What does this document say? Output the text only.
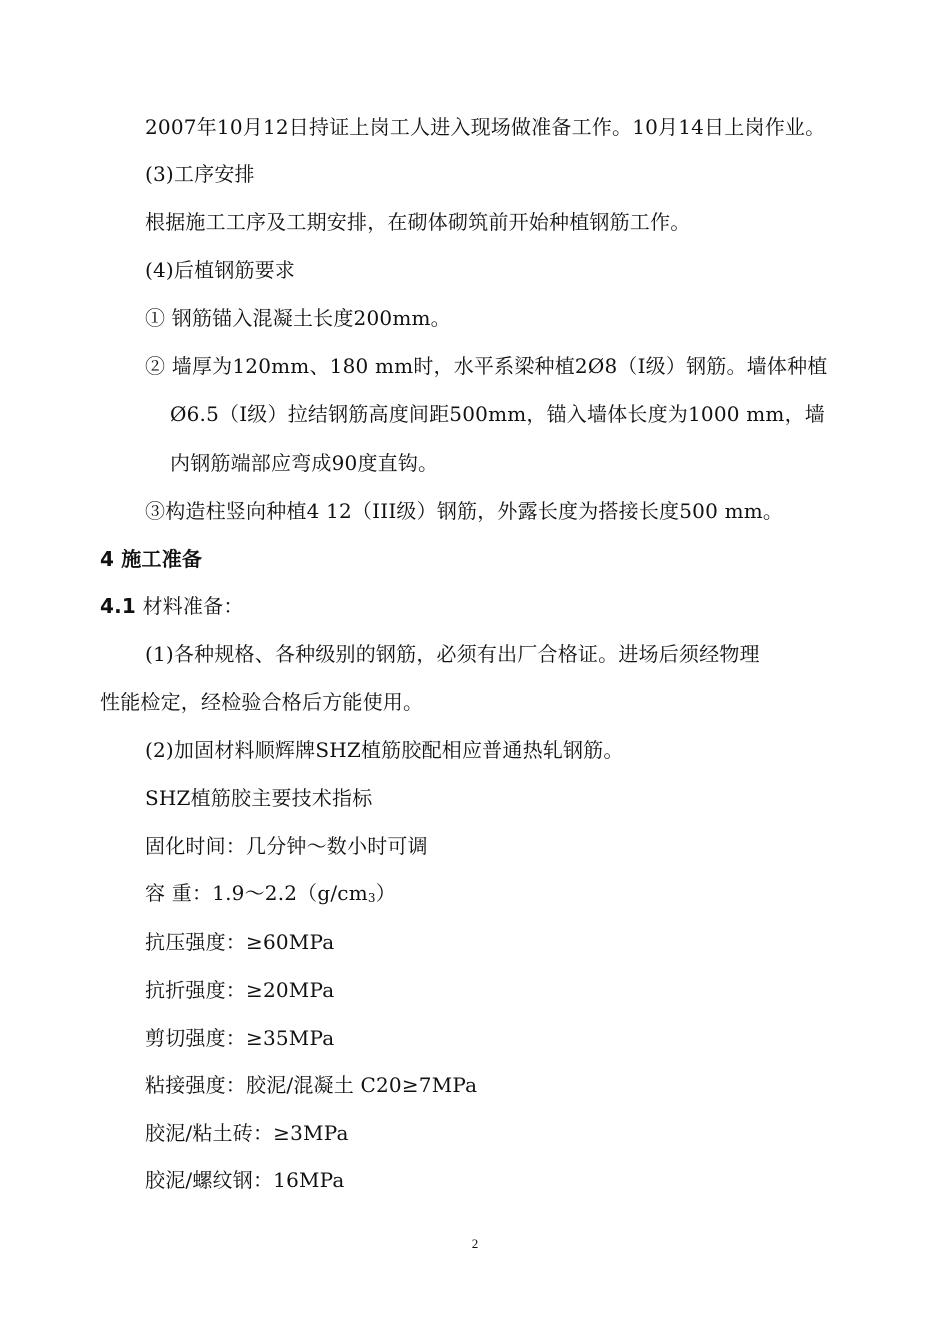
2007年10月12日持证上岗工人进入现场做准备工作。10月14日上岗作业。
(3)工序安排
根据施工工序及工期安排，在砌体砌筑前开始种植钢筋工作。
(4)后植钢筋要求
① 钢筋锚入混凝土长度200mm。
② 墙厚为120mm、180 mm时，水平系梁种植2Ø8（Ⅰ级）钢筋。墙体种植
Ø6.5（Ⅰ级）拉结钢筋高度间距500mm，锚入墙体长度为1000 mm，墙
内钢筋端部应弯成90度直钩。
③构造柱竖向种植4 12（III级）钢筋，外露长度为搭接长度500 mm。
4 施工准备
4.1 材料准备：
(1)各种规格、各种级别的钢筋，必须有出厂合格证。进场后须经物理
性能检定，经检验合格后方能使用。
(2)加固材料顺辉牌SHZ植筋胶配相应普通热轧钢筋。
SHZ植筋胶主要技术指标
固化时间：几分钟～数小时可调
容 重：1.9～2.2（g/cm3）
抗压强度：≥60MPa
抗折强度：≥20MPa
剪切强度：≥35MPa
粘接强度：胶泥/混凝土 C20≥7MPa
胶泥/粘土砖：≥3MPa
胶泥/螺纹钢：16MPa
2
